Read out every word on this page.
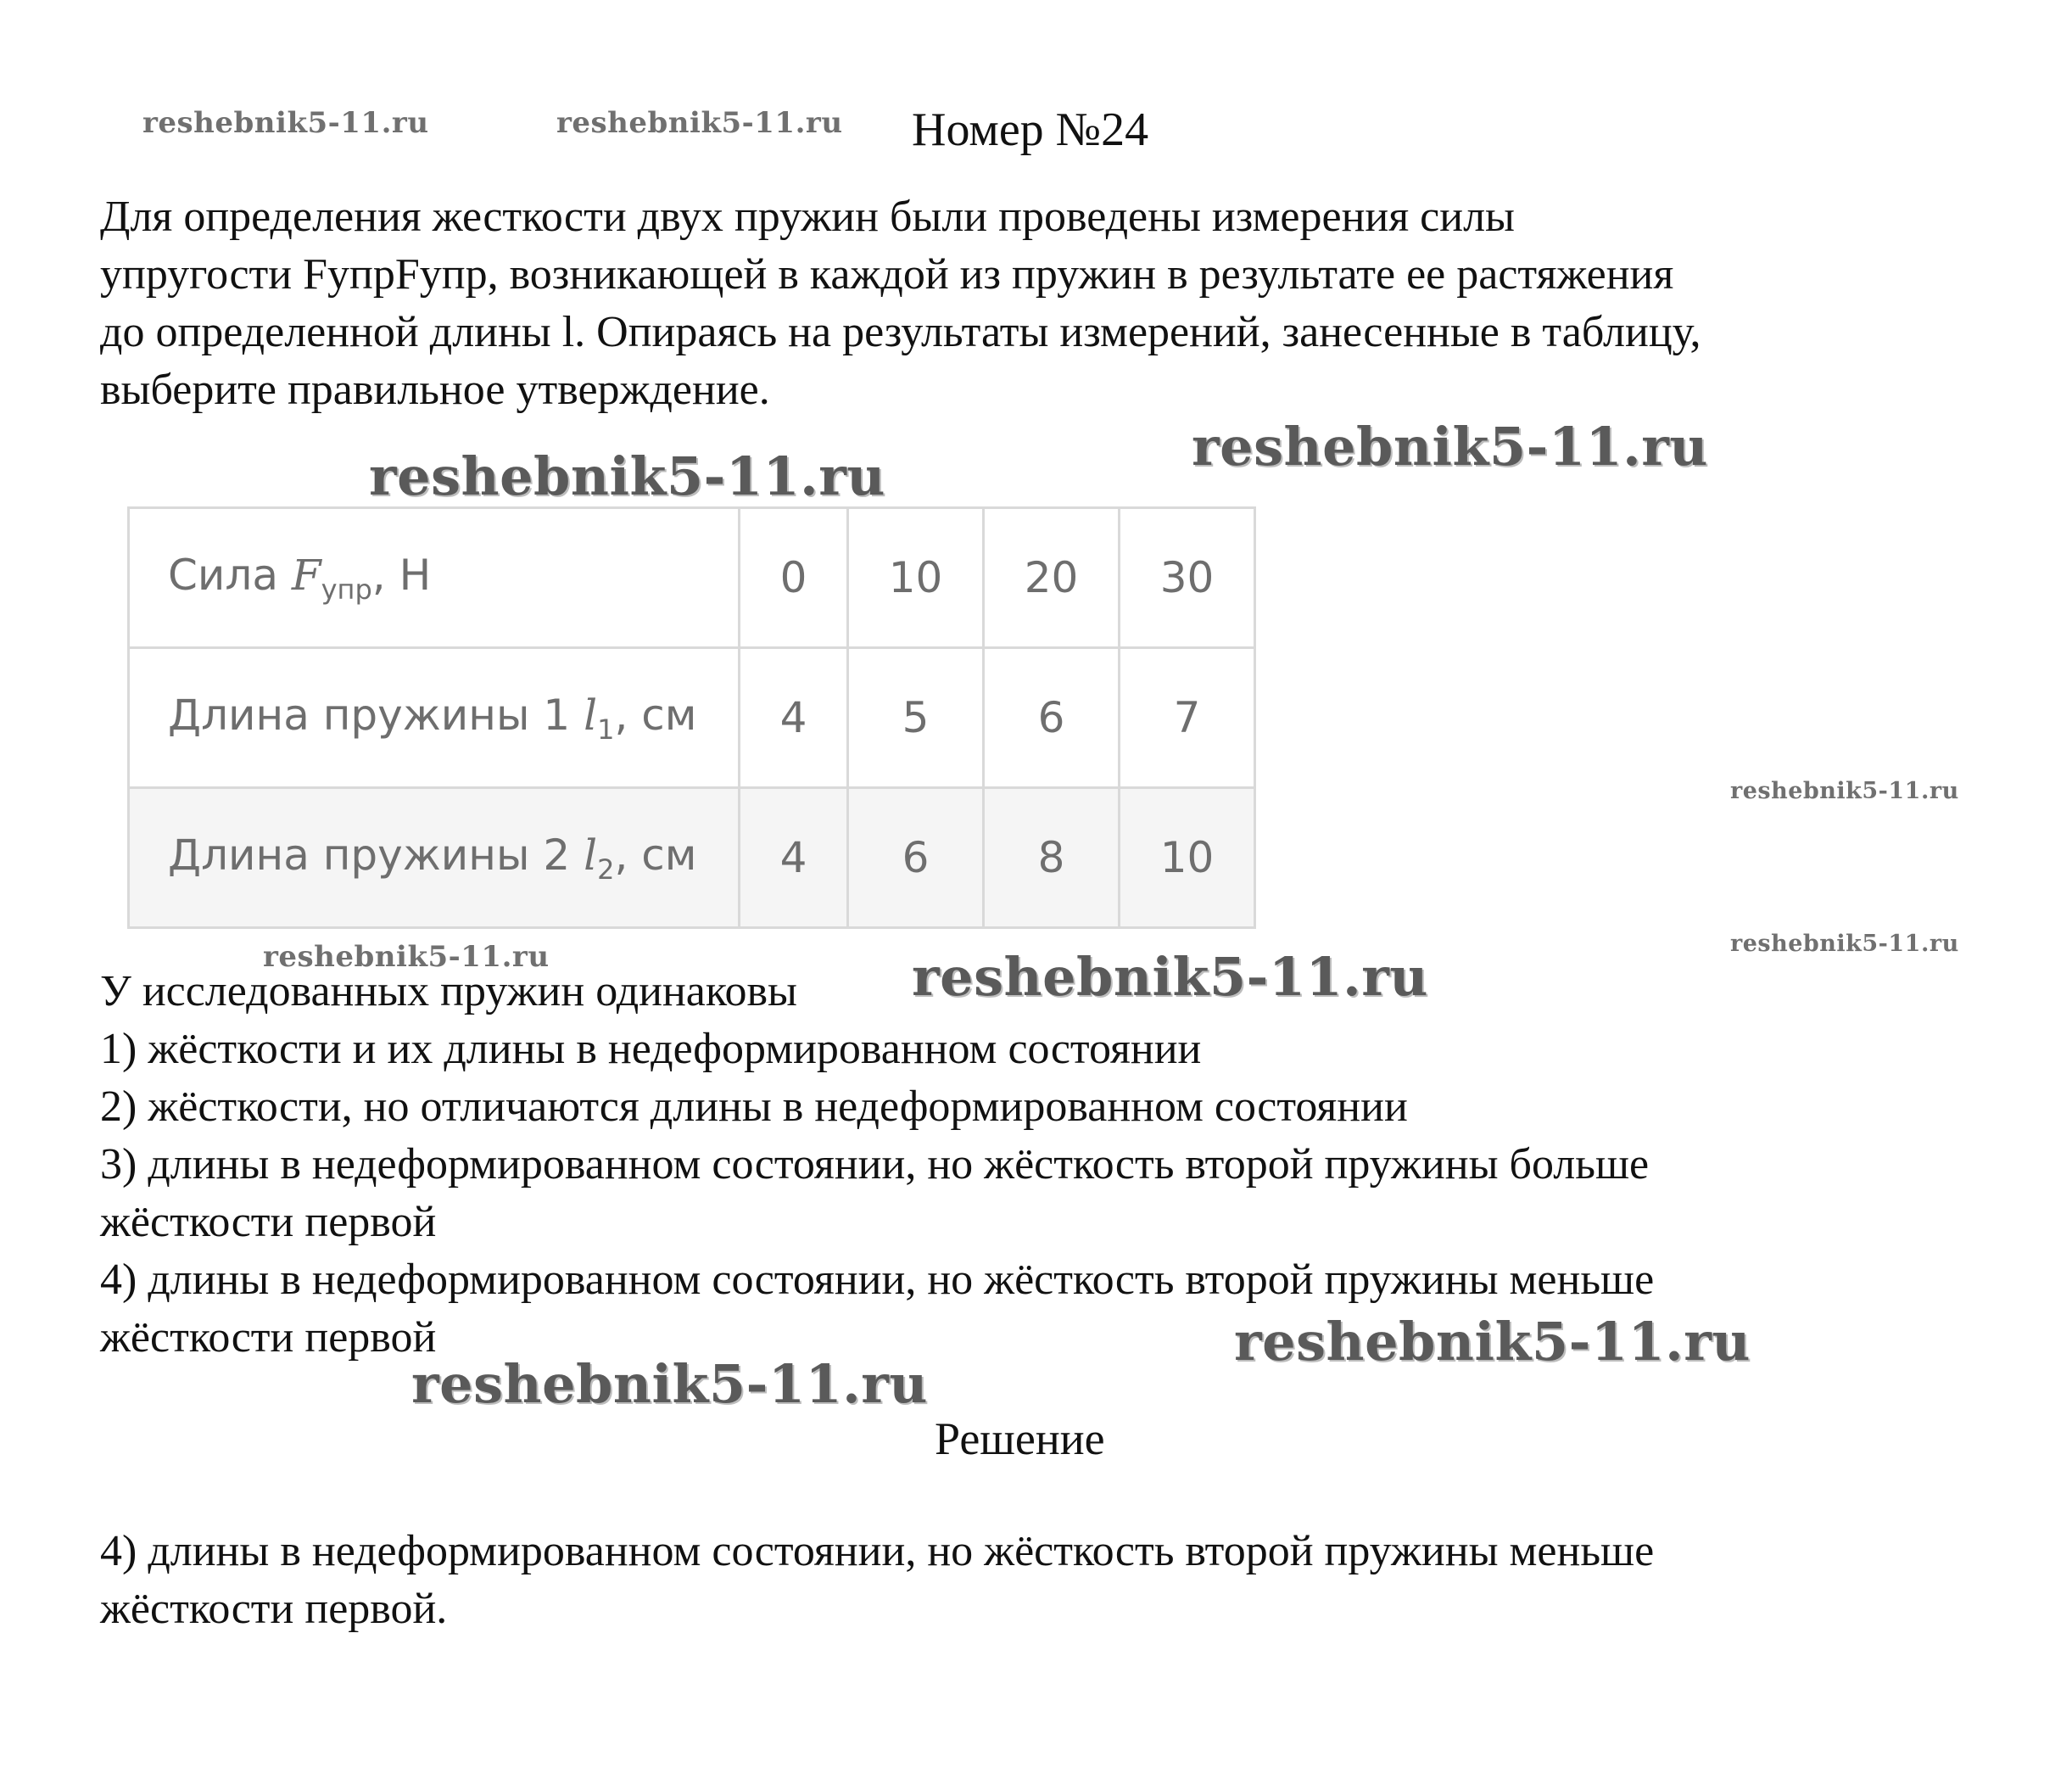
Номер №24
Для определения жесткости двух пружин были проведены измерения силы
упругости FупрFупр, возникающей в каждой из пружин в результате ее растяжения
до определенной длины l. Опираясь на результаты измерений, занесенные в таблицу,
выберите правильное утверждение.
Сила $F_{упр}$, Н	0	10	20	30
Длина пружины 1 $l_1$, см	4	5	6	7
Длина пружины 2 $l_2$, см	4	6	8	10
У исследованных пружин одинаковы
1) жёсткости и их длины в недеформированном состоянии
2) жёсткости, но отличаются длины в недеформированном состоянии
3) длины в недеформированном состоянии, но жёсткость второй пружины больше
жёсткости первой
4) длины в недеформированном состоянии, но жёсткость второй пружины меньше
жёсткости первой
Решение
4) длины в недеформированном состоянии, но жёсткость второй пружины меньше
жёсткости первой.
reshebnik5-11.ru	reshebnik5-11.ru
reshebnik5-11.ru
reshebnik5-11.ru
reshebnik5-11.ru
reshebnik5-11.ru
reshebnik5-11.ru	reshebnik5-11.ru
reshebnik5-11.ru
reshebnik5-11.ru
